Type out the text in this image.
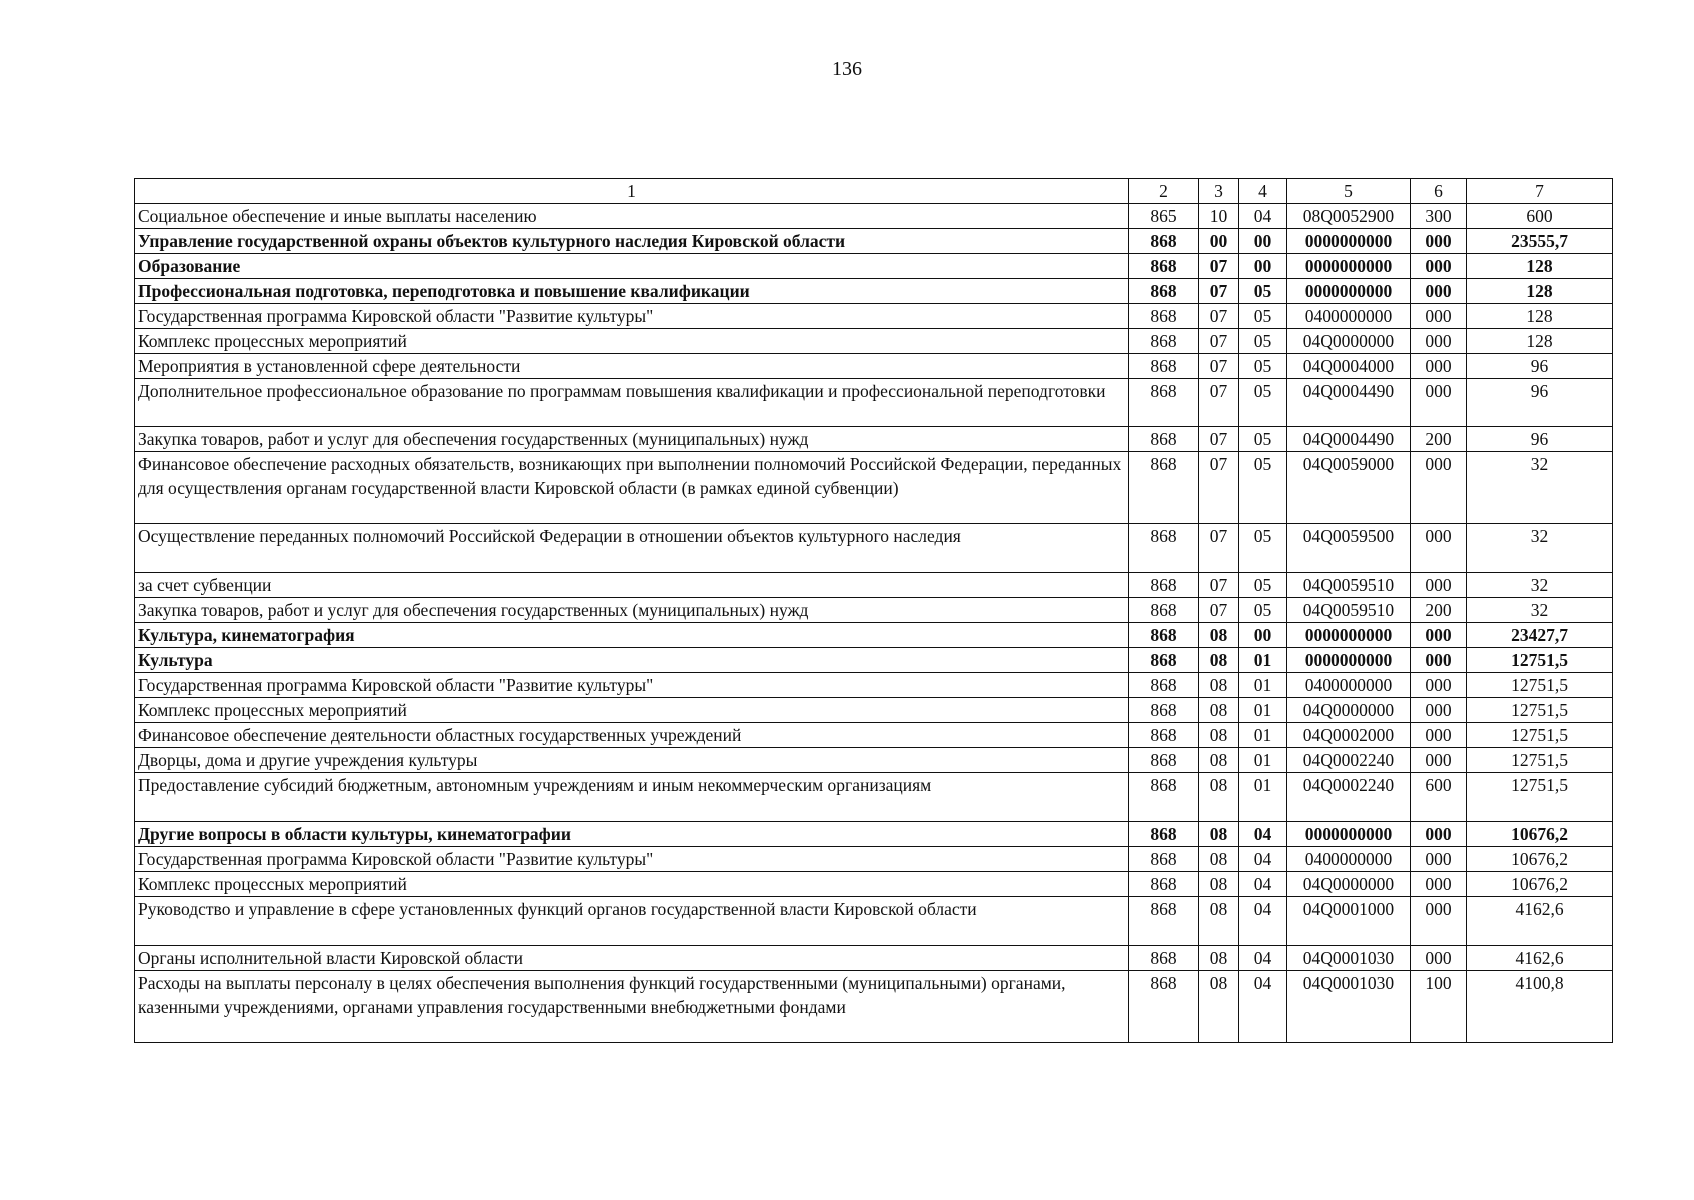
136
1	2	3	4	5	6	7
Социальное обеспечение и иные выплаты населению	865	10	04	08Q0052900	300	600
Управление государственной охраны объектов культурного наследия Кировской области	868	00	00	0000000000	000	23555,7
Образование	868	07	00	0000000000	000	128
Профессиональная подготовка, переподготовка и повышение квалификации	868	07	05	0000000000	000	128
Государственная программа Кировской области "Развитие культуры"	868	07	05	0400000000	000	128
Комплекс процессных мероприятий	868	07	05	04Q0000000	000	128
Мероприятия в установленной сфере деятельности	868	07	05	04Q0004000	000	96
Дополнительное профессиональное образование по программам повышения квалификации и профессиональной переподготовки	868	07	05	04Q0004490	000	96
Закупка товаров, работ и услуг для обеспечения государственных (муниципальных) нужд	868	07	05	04Q0004490	200	96
Финансовое обеспечение расходных обязательств, возникающих при выполнении полномочий Российской Федерации, переданных для осуществления органам государственной власти Кировской области (в рамках единой субвенции)	868	07	05	04Q0059000	000	32
Осуществление переданных полномочий Российской Федерации в отношении объектов культурного наследия	868	07	05	04Q0059500	000	32
за счет субвенции	868	07	05	04Q0059510	000	32
Закупка товаров, работ и услуг для обеспечения государственных (муниципальных) нужд	868	07	05	04Q0059510	200	32
Культура, кинематография	868	08	00	0000000000	000	23427,7
Культура	868	08	01	0000000000	000	12751,5
Государственная программа Кировской области "Развитие культуры"	868	08	01	0400000000	000	12751,5
Комплекс процессных мероприятий	868	08	01	04Q0000000	000	12751,5
Финансовое обеспечение деятельности областных государственных учреждений	868	08	01	04Q0002000	000	12751,5
Дворцы, дома и другие учреждения культуры	868	08	01	04Q0002240	000	12751,5
Предоставление субсидий бюджетным, автономным учреждениям и иным некоммерческим организациям	868	08	01	04Q0002240	600	12751,5
Другие вопросы в области культуры, кинематографии	868	08	04	0000000000	000	10676,2
Государственная программа Кировской области "Развитие культуры"	868	08	04	0400000000	000	10676,2
Комплекс процессных мероприятий	868	08	04	04Q0000000	000	10676,2
Руководство и управление в сфере установленных функций органов государственной власти Кировской области	868	08	04	04Q0001000	000	4162,6
Органы исполнительной власти Кировской области	868	08	04	04Q0001030	000	4162,6
Расходы на выплаты персоналу в целях обеспечения выполнения функций государственными (муниципальными) органами, казенными учреждениями, органами управления государственными внебюджетными фондами	868	08	04	04Q0001030	100	4100,8
